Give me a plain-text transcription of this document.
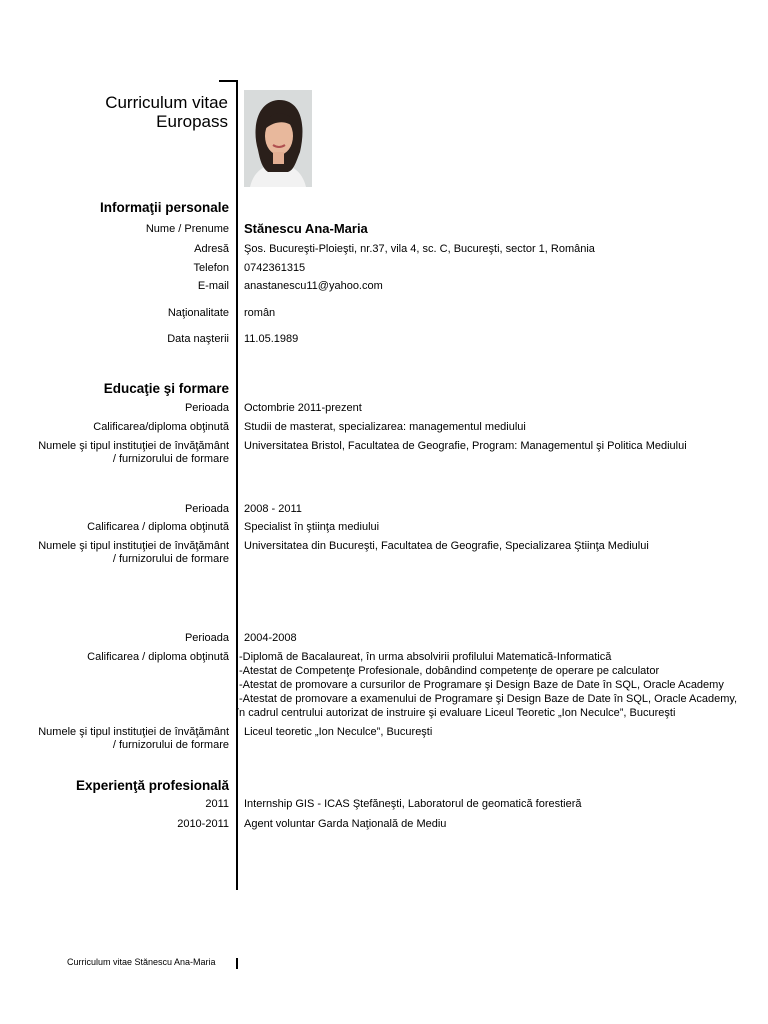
Curriculum vitae
Europass
Informaţii personale
Nume / Prenume Stănescu Ana-Maria
Adresă Şos. Bucureşti-Ploieşti, nr.37, vila 4, sc. C, Bucureşti, sector 1, România
Telefon 0742361315
E-mail anastanescu11@yahoo.com
Naţionalitate român
Data naşterii 11.05.1989
Educaţie şi formare
Perioada Octombrie 2011-prezent
Calificarea/diploma obţinută Studii de masterat, specializarea: managementul mediului
Numele şi tipul instituţiei de învăţământ
/ furnizorului de formare
Universitatea Bristol, Facultatea de Geografie, Program: Managementul şi Politica Mediului
Perioada 2008 - 2011
Calificarea / diploma obţinută Specialist în ştiinţa mediului
Numele şi tipul instituţiei de învăţământ
/ furnizorului de formare
Universitatea din Bucureşti, Facultatea de Geografie, Specializarea Ştiinţa Mediului
Perioada 2004-2008
Calificarea / diploma obţinută -Diplomă de Bacalaureat, în urma absolvirii profilului Matematică-Informatică
-Atestat de Competenţe Profesionale, dobândind competenţe de operare pe calculator
-Atestat de promovare a cursurilor de Programare şi Design Baze de Date în SQL, Oracle Academy
-Atestat de promovare a examenului de Programare şi Design Baze de Date în SQL, Oracle Academy,
în cadrul centrului autorizat de instruire şi evaluare Liceul Teoretic „Ion Neculce”, Bucureşti
Numele şi tipul instituţiei de învăţământ
/ furnizorului de formare
Liceul teoretic „Ion Neculce”, Bucureşti
Experienţă profesională
2011 Internship GIS - ICAS Ştefăneşti, Laboratorul de geomatică forestieră
2010-2011 Agent voluntar Garda Naţională de Mediu
Curriculum vitae Stănescu Ana-Maria
